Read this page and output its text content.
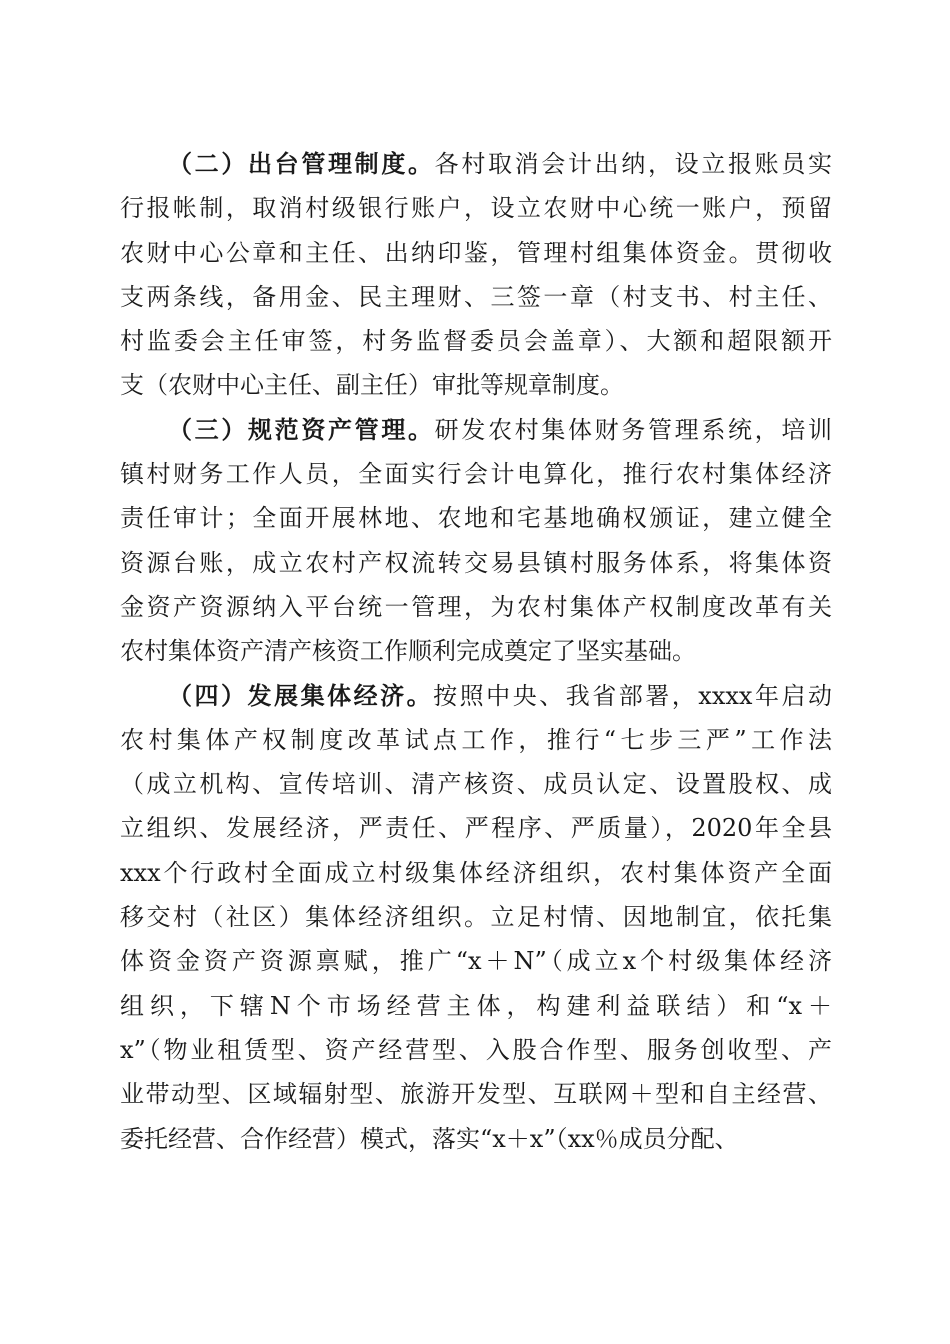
（二）出台管理制度。各村取消会计出纳，设立报账员实
行报帐制，取消村级银行账户，设立农财中心统一账户，预留
农财中心公章和主任、出纳印鉴，管理村组集体资金。贯彻收
支两条线，备用金、民主理财、三签一章（村支书、村主任、
村监委会主任审签，村务监督委员会盖章）、大额和超限额开
支（农财中心主任、副主任）审批等规章制度。
（三）规范资产管理。研发农村集体财务管理系统，培训
镇村财务工作人员，全面实行会计电算化，推行农村集体经济
责任审计；全面开展林地、农地和宅基地确权颁证，建立健全
资源台账，成立农村产权流转交易县镇村服务体系，将集体资
金资产资源纳入平台统一管理，为农村集体产权制度改革有关
农村集体资产清产核资工作顺利完成奠定了坚实基础。
（四）发展集体经济。按照中央、我省部署，xxxx年启动
农村集体产权制度改革试点工作，推行“七步三严”工作法
（成立机构、宣传培训、清产核资、成员认定、设置股权、成
立组织、发展经济，严责任、严程序、严质量），2020年全县
xxx个行政村全面成立村级集体经济组织，农村集体资产全面
移交村（社区）集体经济组织。立足村情、因地制宜，依托集
体资金资产资源禀赋，推广“x＋N”（成立x个村级集体经济
组织，下辖N个市场经营主体，构建利益联结）和“x＋
x”（物业租赁型、资产经营型、入股合作型、服务创收型、产
业带动型、区域辐射型、旅游开发型、互联网＋型和自主经营、
委托经营、合作经营）模式，落实“x＋x”（xx％成员分配、
